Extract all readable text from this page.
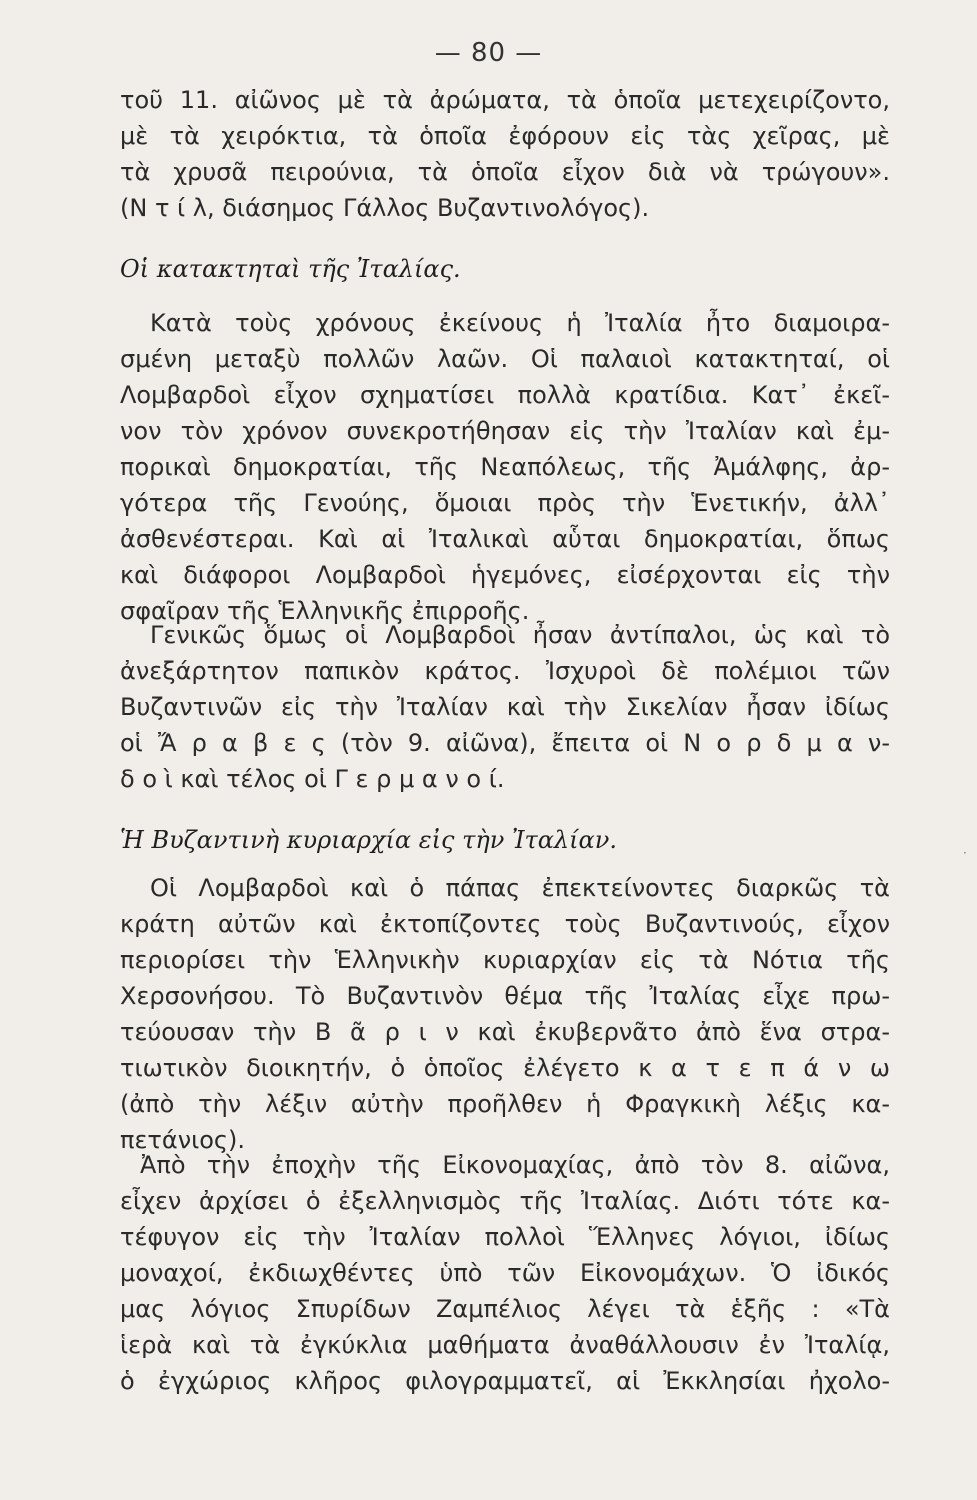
— 80 —
τοῦ 11. αἰῶνος μὲ τὰ ἀρώματα, τὰ ὁποῖα μετεχειρίζοντο,
μὲ τὰ χειρόκτια, τὰ ὁποῖα ἐφόρουν εἰς τὰς χεῖρας, μὲ
τὰ χρυσᾶ πειρούνια, τὰ ὁποῖα εἶχον διὰ νὰ τρώγουν».
(Ν τ ί λ, διάσημος Γάλλος Βυζαντινολόγος).
Οἱ κατακτηταὶ τῆς Ἰταλίας.
Κατὰ τοὺς χρόνους ἐκείνους ἡ Ἰταλία ἦτο διαμοιρα-
σμένη μεταξὺ πολλῶν λαῶν. Οἱ παλαιοὶ κατακτηταί, οἱ
Λομβαρδοὶ εἶχον σχηματίσει πολλὰ κρατίδια. Κατ᾿ ἐκεῖ-
νον τὸν χρόνον συνεκροτήθησαν εἰς τὴν Ἰταλίαν καὶ ἐμ-
πορικαὶ δημοκρατίαι, τῆς Νεαπόλεως, τῆς Ἀμάλφης, ἀρ-
γότερα τῆς Γενούης, ὅμοιαι πρὸς τὴν Ἑνετικήν, ἀλλ᾿
ἀσθενέστεραι. Καὶ αἱ Ἰταλικαὶ αὗται δημοκρατίαι, ὅπως
καὶ διάφοροι Λομβαρδοὶ ἡγεμόνες, εἰσέρχονται εἰς τὴν
σφαῖραν τῆς Ἑλληνικῆς ἐπιρροῆς.
Γενικῶς ὅμως οἱ Λομβαρδοὶ ἦσαν ἀντίπαλοι, ὡς καὶ τὸ
ἀνεξάρτητον παπικὸν κράτος. Ἰσχυροὶ δὲ πολέμιοι τῶν
Βυζαντινῶν εἰς τὴν Ἰταλίαν καὶ τὴν Σικελίαν ἦσαν ἰδίως
οἱ Ἄ ρ α β ε ς (τὸν 9. αἰῶνα), ἔπειτα οἱ Ν ο ρ δ μ α ν-
δ ο ὶ καὶ τέλος οἱ Γ ε ρ μ α ν ο ί.
Ἡ Βυζαντινὴ κυριαρχία εἰς τὴν Ἰταλίαν.
Οἱ Λομβαρδοὶ καὶ ὁ πάπας ἐπεκτείνοντες διαρκῶς τὰ
κράτη αὐτῶν καὶ ἐκτοπίζοντες τοὺς Βυζαντινούς, εἶχον
περιορίσει τὴν Ἑλληνικὴν κυριαρχίαν εἰς τὰ Νότια τῆς
Χερσονήσου. Τὸ Βυζαντινὸν θέμα τῆς Ἰταλίας εἶχε πρω-
τεύουσαν τὴν Β ᾶ ρ ι ν καὶ ἐκυβερνᾶτο ἀπὸ ἕνα στρα-
τιωτικὸν διοικητήν, ὁ ὁποῖος ἐλέγετο κ α τ ε π ά ν ω
(ἀπὸ τὴν λέξιν αὐτὴν προῆλθεν ἡ Φραγκικὴ λέξις κα-
πετάνιος).
Ἀπὸ τὴν ἐποχὴν τῆς Εἰκονομαχίας, ἀπὸ τὸν 8. αἰῶνα,
εἶχεν ἀρχίσει ὁ ἐξελληνισμὸς τῆς Ἰταλίας. Διότι τότε κα-
τέφυγον εἰς τὴν Ἰταλίαν πολλοὶ Ἕλληνες λόγιοι, ἰδίως
μοναχοί, ἐκδιωχθέντες ὑπὸ τῶν Εἰκονομάχων. Ὁ ἰδικός
μας λόγιος Σπυρίδων Ζαμπέλιος λέγει τὰ ἑξῆς : «Τὰ
ἱερὰ καὶ τὰ ἐγκύκλια μαθήματα ἀναθάλλουσιν ἐν Ἰταλίᾳ,
ὁ ἐγχώριος κλῆρος φιλογραμματεῖ, αἱ Ἐκκλησίαι ἠχολο-
·
